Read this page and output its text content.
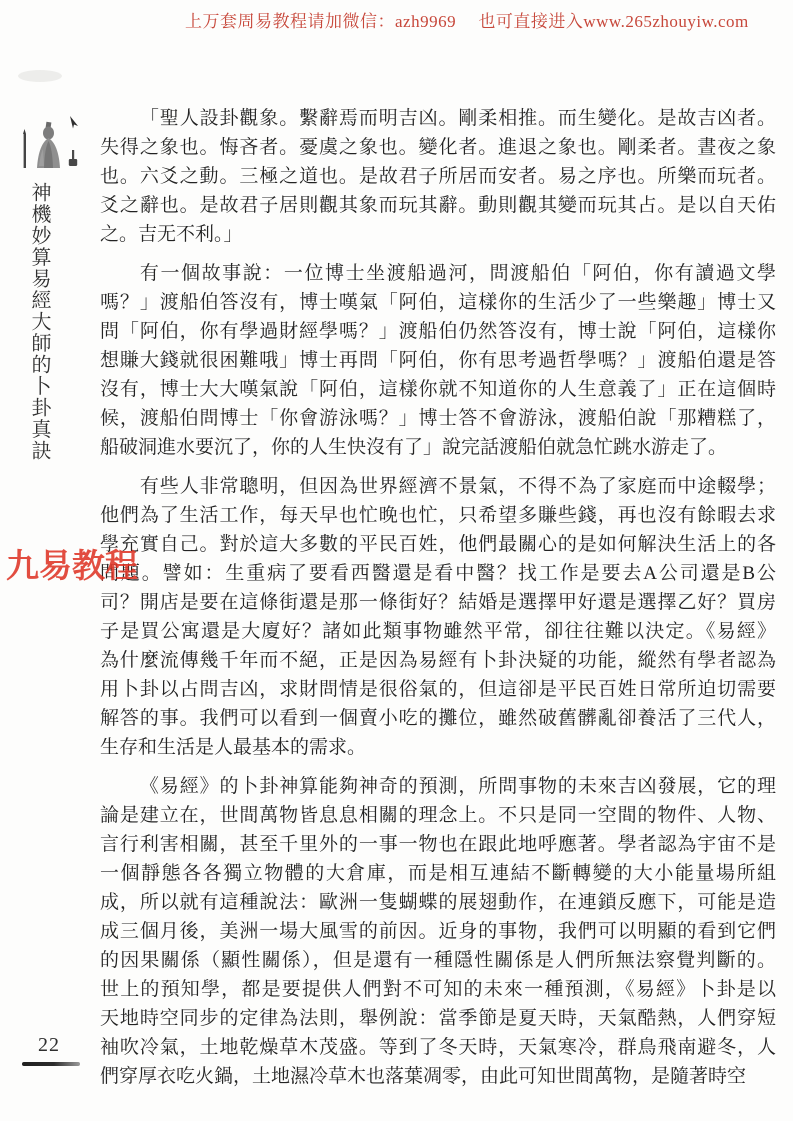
上万套周易教程请加微信：azh9969　 也可直接进入www.265zhouyiw.com
神機妙算易經大師的卜卦真訣
九易教程
「聖人設卦觀象。繫辭焉而明吉凶。剛柔相推。而生變化。是故吉凶者。
失得之象也。悔吝者。憂虞之象也。變化者。進退之象也。剛柔者。晝夜之象
也。六爻之動。三極之道也。是故君子所居而安者。易之序也。所樂而玩者。
爻之辭也。是故君子居則觀其象而玩其辭。動則觀其變而玩其占。是以自天佑
之。吉无不利。」
有一個故事說：一位博士坐渡船過河，問渡船伯「阿伯，你有讀過文學
嗎？」渡船伯答沒有，博士嘆氣「阿伯，這樣你的生活少了一些樂趣」博士又
問「阿伯，你有學過財經學嗎？」渡船伯仍然答沒有，博士說「阿伯，這樣你
想賺大錢就很困難哦」博士再問「阿伯，你有思考過哲學嗎？」渡船伯還是答
沒有，博士大大嘆氣說「阿伯，這樣你就不知道你的人生意義了」正在這個時
候，渡船伯問博士「你會游泳嗎？」博士答不會游泳，渡船伯說「那糟糕了，
船破洞進水要沉了，你的人生快沒有了」說完話渡船伯就急忙跳水游走了。
有些人非常聰明，但因為世界經濟不景氣，不得不為了家庭而中途輟學；
他們為了生活工作，每天早也忙晚也忙，只希望多賺些錢，再也沒有餘暇去求
學充實自己。對於這大多數的平民百姓，他們最關心的是如何解決生活上的各
問題。譬如：生重病了要看西醫還是看中醫？找工作是要去A公司還是B公
司？開店是要在這條街還是那一條街好？結婚是選擇甲好還是選擇乙好？買房
子是買公寓還是大廈好？諸如此類事物雖然平常，卻往往難以決定。《易經》
為什麼流傳幾千年而不絕，正是因為易經有卜卦決疑的功能，縱然有學者認為
用卜卦以占問吉凶，求財問情是很俗氣的，但這卻是平民百姓日常所迫切需要
解答的事。我們可以看到一個賣小吃的攤位，雖然破舊髒亂卻養活了三代人，
生存和生活是人最基本的需求。
《易經》的卜卦神算能夠神奇的預測，所問事物的未來吉凶發展，它的理
論是建立在，世間萬物皆息息相關的理念上。不只是同一空間的物件、人物、
言行利害相關，甚至千里外的一事一物也在跟此地呼應著。學者認為宇宙不是
一個靜態各各獨立物體的大倉庫，而是相互連結不斷轉變的大小能量場所組
成，所以就有這種說法：歐洲一隻蝴蝶的展翅動作，在連鎖反應下，可能是造
成三個月後，美洲一場大風雪的前因。近身的事物，我們可以明顯的看到它們
的因果關係（顯性關係），但是還有一種隱性關係是人們所無法察覺判斷的。
世上的預知學，都是要提供人們對不可知的未來一種預測，《易經》卜卦是以
天地時空同步的定律為法則，舉例說：當季節是夏天時，天氣酷熱，人們穿短
袖吹冷氣，土地乾燥草木茂盛。等到了冬天時，天氣寒冷，群鳥飛南避冬，人
們穿厚衣吃火鍋，土地濕冷草木也落葉凋零，由此可知世間萬物，是隨著時空
22
